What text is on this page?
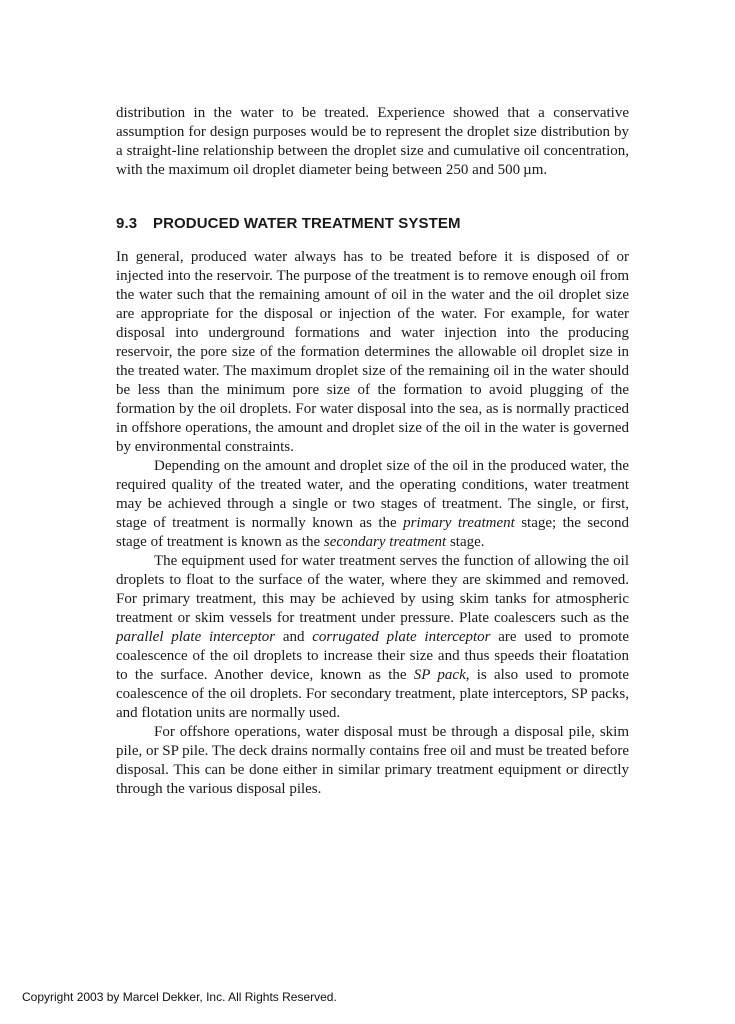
distribution in the water to be treated. Experience showed that a conservative assumption for design purposes would be to represent the droplet size distribution by a straight-line relationship between the droplet size and cumulative oil concentration, with the maximum oil droplet diameter being between 250 and 500 µm.

9.3 PRODUCED WATER TREATMENT SYSTEM

In general, produced water always has to be treated before it is disposed of or injected into the reservoir. The purpose of the treatment is to remove enough oil from the water such that the remaining amount of oil in the water and the oil droplet size are appropriate for the disposal or injection of the water. For example, for water disposal into underground formations and water injection into the producing reservoir, the pore size of the formation determines the allowable oil droplet size in the treated water. The maximum droplet size of the remaining oil in the water should be less than the minimum pore size of the formation to avoid plugging of the formation by the oil droplets. For water disposal into the sea, as is normally practiced in offshore operations, the amount and droplet size of the oil in the water is governed by environmental constraints.

Depending on the amount and droplet size of the oil in the produced water, the required quality of the treated water, and the operating conditions, water treatment may be achieved through a single or two stages of treatment. The single, or first, stage of treatment is normally known as the primary treatment stage; the second stage of treatment is known as the secondary treatment stage.

The equipment used for water treatment serves the function of allowing the oil droplets to float to the surface of the water, where they are skimmed and removed. For primary treatment, this may be achieved by using skim tanks for atmospheric treatment or skim vessels for treatment under pressure. Plate coalescers such as the parallel plate interceptor and corrugated plate interceptor are used to promote coalescence of the oil droplets to increase their size and thus speeds their floatation to the surface. Another device, known as the SP pack, is also used to promote coalescence of the oil droplets. For secondary treatment, plate interceptors, SP packs, and flotation units are normally used.

For offshore operations, water disposal must be through a disposal pile, skim pile, or SP pile. The deck drains normally contains free oil and must be treated before disposal. This can be done either in similar primary treatment equipment or directly through the various disposal piles.

Copyright 2003 by Marcel Dekker, Inc. All Rights Reserved.
